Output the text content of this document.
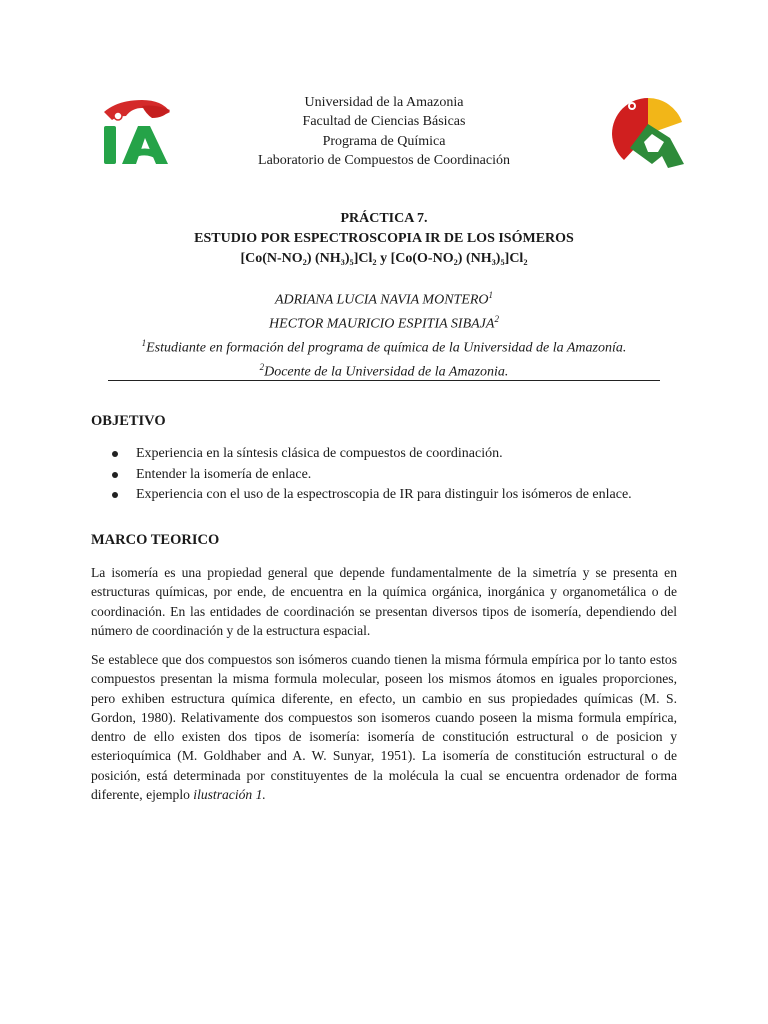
Universidad de la Amazonia
Facultad de Ciencias Básicas
Programa de Química
Laboratorio de Compuestos de Coordinación
PRÁCTICA 7.
ESTUDIO POR ESPECTROSCOPIA IR DE LOS ISÓMEROS
[Co(N-NO₂) (NH₃)₅]Cl₂ y [Co(O-NO₂) (NH₃)₅]Cl₂
ADRIANA LUCIA NAVIA MONTERO$^1$
HECTOR MAURICIO ESPITIA SIBAJA$^2$
$^1$Estudiante en formación del programa de química de la Universidad de la Amazonía.
$^2$Docente de la Universidad de la Amazonia.
OBJETIVO
Experiencia en la síntesis clásica de compuestos de coordinación.
Entender la isomería de enlace.
Experiencia con el uso de la espectroscopia de IR para distinguir los isómeros de enlace.
MARCO TEORICO

La isomería es una propiedad general que depende fundamentalmente de la simetría y se presenta en estructuras químicas, por ende, de encuentra en la química orgánica, inorgánica y organometálica o de coordinación. En las entidades de coordinación se presentan diversos tipos de isomería, dependiendo del número de coordinación y de la estructura espacial.

Se establece que dos compuestos son isómeros cuando tienen la misma fórmula empírica por lo tanto estos compuestos presentan la misma formula molecular, poseen los mismos átomos en iguales proporciones, pero exhiben estructura química diferente, en efecto, un cambio en sus propiedades químicas (M. S. Gordon, 1980). Relativamente dos compuestos son isomeros cuando poseen la misma formula empírica, dentro de ello existen dos tipos de isomería: isomería de constitución estructural o de posicion y esterioquímica (M. Goldhaber and A. W. Sunyar, 1951). La isomería de constitución estructural o de posición, está determinada por constituyentes de la molécula la cual se encuentra ordenador de forma diferente, ejemplo ilustración 1.
